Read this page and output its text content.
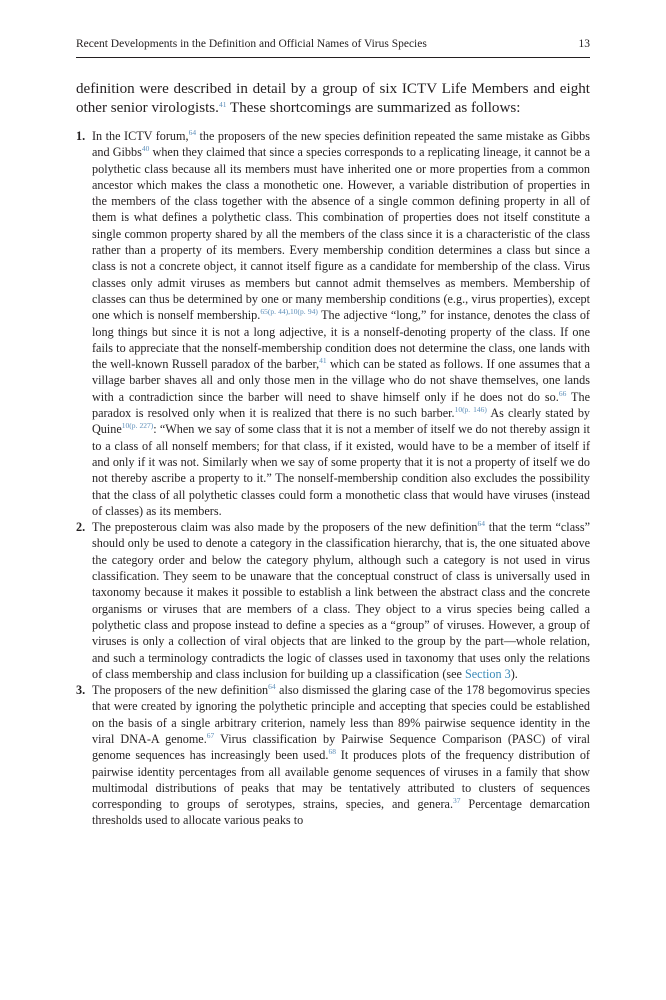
Recent Developments in the Definition and Official Names of Virus Species	13

definition were described in detail by a group of six ICTV Life Members and eight other senior virologists.$^{41}$ These shortcomings are summarized as follows:

1. In the ICTV forum,$^{64}$ the proposers of the new species definition repeated the same mistake as Gibbs and Gibbs$^{40}$ when they claimed that since a species corresponds to a replicating lineage, it cannot be a polythetic class because all its members must have inherited one or more properties from a common ancestor which makes the class a monothetic one. However, a variable distribution of properties in the members of the class together with the absence of a single common defining property in all of them is what defines a polythetic class. This combination of properties does not itself constitute a single common property shared by all the members of the class since it is a characteristic of the class rather than a property of its members. Every membership condition determines a class but since a class is not a concrete object, it cannot itself figure as a candidate for membership of the class. Virus classes only admit viruses as members but cannot admit themselves as members. Membership of classes can thus be determined by one or many membership conditions (e.g., virus properties), except one which is nonself membership.$^{65(p. 44),10(p. 94)}$ The adjective “long,” for instance, denotes the class of long things but since it is not a long adjective, it is a nonself-denoting property of the class. If one fails to appreciate that the nonself-membership condition does not determine the class, one lands with the well-known Russell paradox of the barber,$^{41}$ which can be stated as follows. If one assumes that a village barber shaves all and only those men in the village who do not shave themselves, one lands with a contradiction since the barber will need to shave himself only if he does not do so.$^{66}$ The paradox is resolved only when it is realized that there is no such barber.$^{10(p. 146)}$ As clearly stated by Quine$^{10(p. 227)}$: “When we say of some class that it is not a member of itself we do not thereby assign it to a class of all nonself members; for that class, if it existed, would have to be a member of itself if and only if it was not. Similarly when we say of some property that it is not a property of itself we do not thereby ascribe a property to it.” The nonself-membership condition also excludes the possibility that the class of all polythetic classes could form a monothetic class that would have viruses (instead of classes) as its members.
2. The preposterous claim was also made by the proposers of the new definition$^{64}$ that the term “class” should only be used to denote a category in the classification hierarchy, that is, the one situated above the category order and below the category phylum, although such a category is not used in virus classification. They seem to be unaware that the conceptual construct of class is universally used in taxonomy because it makes it possible to establish a link between the abstract class and the concrete organisms or viruses that are members of a class. They object to a virus species being called a polythetic class and propose instead to define a species as a “group” of viruses. However, a group of viruses is only a collection of viral objects that are linked to the group by the part—whole relation, and such a terminology contradicts the logic of classes used in taxonomy that uses only the relations of class membership and class inclusion for building up a classification (see Section 3).
3. The proposers of the new definition$^{64}$ also dismissed the glaring case of the 178 begomovirus species that were created by ignoring the polythetic principle and accepting that species could be established on the basis of a single arbitrary criterion, namely less than 89% pairwise sequence identity in the viral DNA-A genome.$^{67}$ Virus classification by Pairwise Sequence Comparison (PASC) of viral genome sequences has increasingly been used.$^{68}$ It produces plots of the frequency distribution of pairwise identity percentages from all available genome sequences of viruses in a family that show multimodal distributions of peaks that may be tentatively attributed to clusters of sequences corresponding to groups of serotypes, strains, species, and genera.$^{37}$ Percentage demarcation thresholds used to allocate various peaks to
